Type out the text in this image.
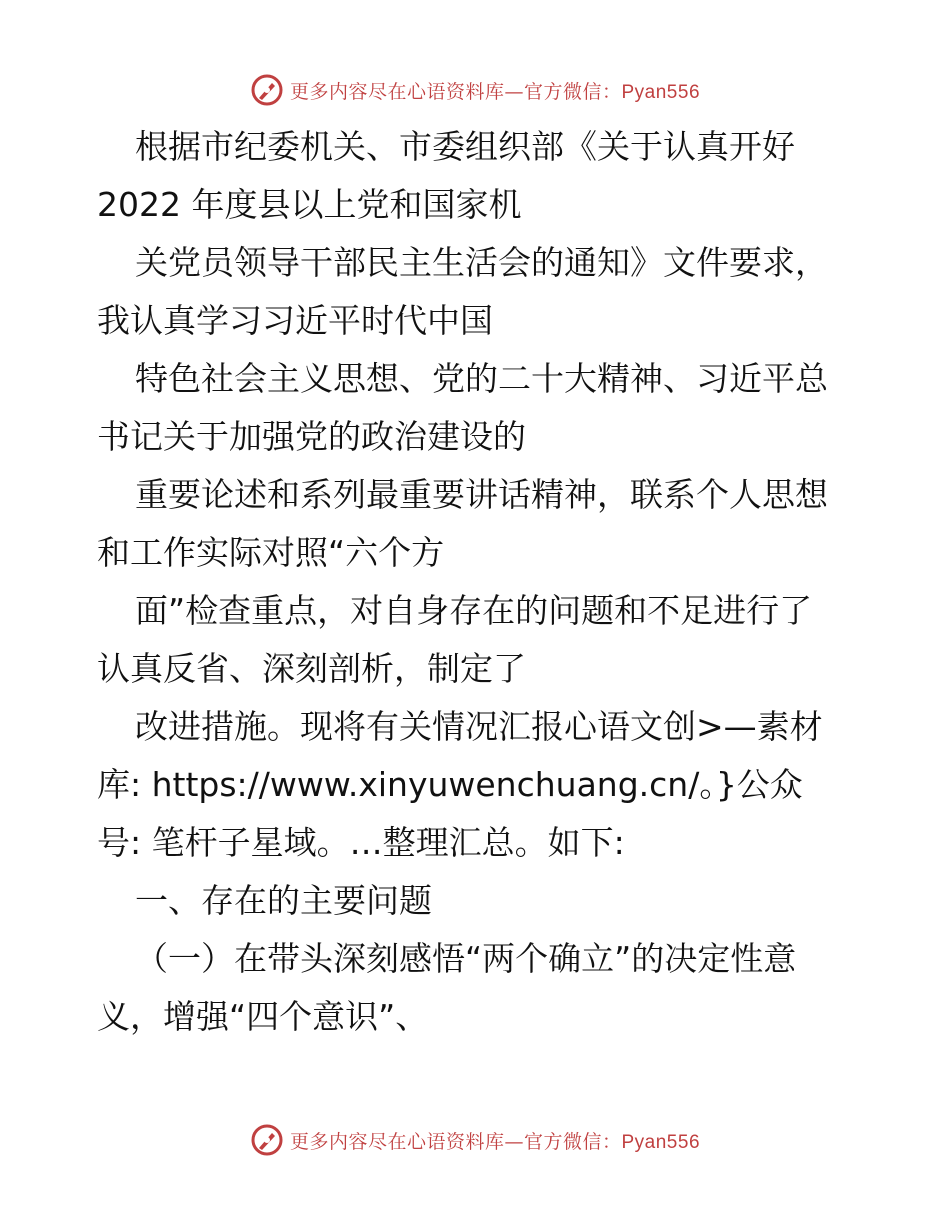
更多内容尽在心语资料库—官方微信：Pyan556
根据市纪委机关、市委组织部《关于认真开好
2022 年度县以上党和国家机
关党员领导干部民主生活会的通知》文件要求，
我认真学习习近平时代中国
特色社会主义思想、党的二十大精神、习近平总
书记关于加强党的政治建设的
重要论述和系列最重要讲话精神，联系个人思想
和工作实际对照“六个方
面”检查重点，对自身存在的问题和不足进行了
认真反省、深刻剖析，制定了
改进措施。现将有关情况汇报心语文创>—素材
库: https://www.xinyuwenchuang.cn/。}公众
号: 笔杆子星域。…整理汇总。如下:
一、存在的主要问题
（一）在带头深刻感悟“两个确立”的决定性意
义，增强“四个意识”、
更多内容尽在心语资料库—官方微信：Pyan556
